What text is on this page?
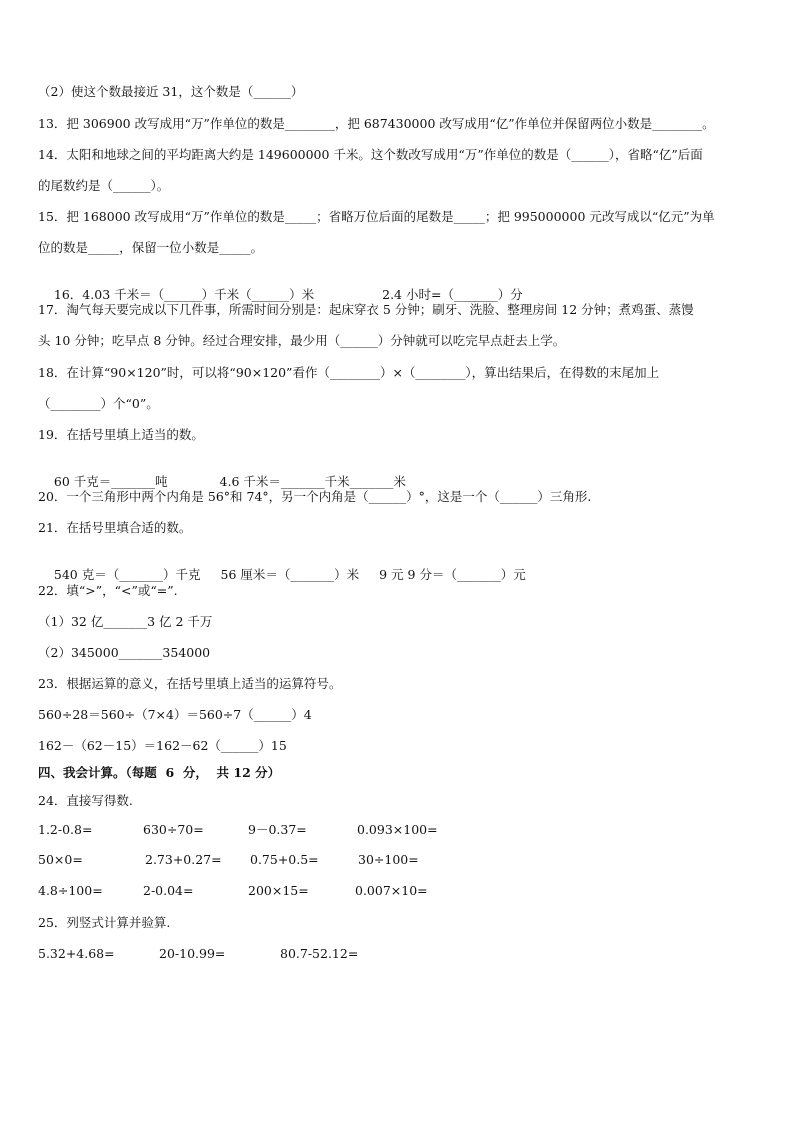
（2）使这个数最接近 31，这个数是（______）
13．把 306900 改写成用“万”作单位的数是________，把 687430000 改写成用“亿”作单位并保留两位小数是________。
14．太阳和地球之间的平均距离大约是 149600000 千米。这个数改写成用“万”作单位的数是（______），省略“亿”后面
的尾数约是（______）。
15．把 168000 改写成用“万”作单位的数是_____；省略万位后面的尾数是_____；把 995000000 元改写成以“亿元”为单
位的数是_____，保留一位小数是_____。

16．4.03 千米＝（______）千米（______）米	2.4 小时=（_______）分

17．淘气每天要完成以下几件事，所需时间分别是：起床穿衣 5 分钟；刷牙、洗脸、整理房间 12 分钟；煮鸡蛋、蒸馒
头 10 分钟；吃早点 8 分钟。经过合理安排，最少用（______）分钟就可以吃完早点赶去上学。
18．在计算“90×120”时，可以将“90×120”看作（________）×（________），算出结果后，在得数的末尾加上
（________）个“0”。
19．在括号里填上适当的数。

60 千克＝_______吨	4.6 千米＝_______千米_______米

20．一个三角形中两个内角是 56°和 74°，另一个内角是（______）°，这是一个（______）三角形.
21．在括号里填合适的数。

540 克＝（_______）千克 56 厘米＝（_______）米 9 元 9 分＝（_______）元

22．填“>”，“<”或“=”.
（1）32 亿_______3 亿 2 千万
（2）345000_______354000
23．根据运算的意义，在括号里填上适当的运算符号。
560÷28＝560÷（7×4）＝560÷7（______）4
162－（62－15）＝162－62（______）15
四、我会计算。（每题  6  分，  共 12 分）
24．直接写得数.
1.2-0.8=	630÷70=	9－0.37=	0.093×100=
50×0=	2.73+0.27=	0.75+0.5=	30÷100=
4.8÷100=	2-0.04=	200×15=	0.007×10=
25．列竖式计算并验算.
5.32+4.68=	20-10.99=	80.7-52.12=
